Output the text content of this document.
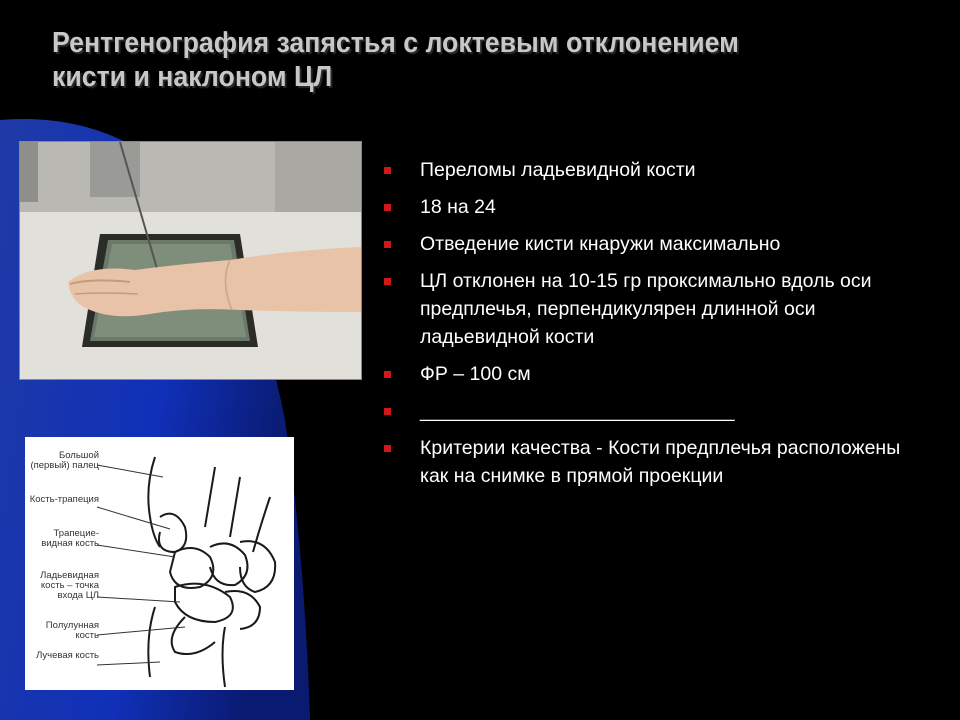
Рентгенография запястья с локтевым отклонением
кисти и наклоном ЦЛ
Большой (первый) палец
Кость-трапеция
Трапецие-видная кость
Ладьевидная кость – точка входа ЦЛ
Полулунная кость
Лучевая кость
Переломы ладьевидной кости
18 на 24
Отведение кисти кнаружи максимально
ЦЛ отклонен на 10-15 гр проксимально вдоль оси предплечья, перпендикулярен длинной оси ладьевидной кости
ФР – 100 см
_____________________________
Критерии качества - Кости предплечья расположены как на снимке в прямой проекции
